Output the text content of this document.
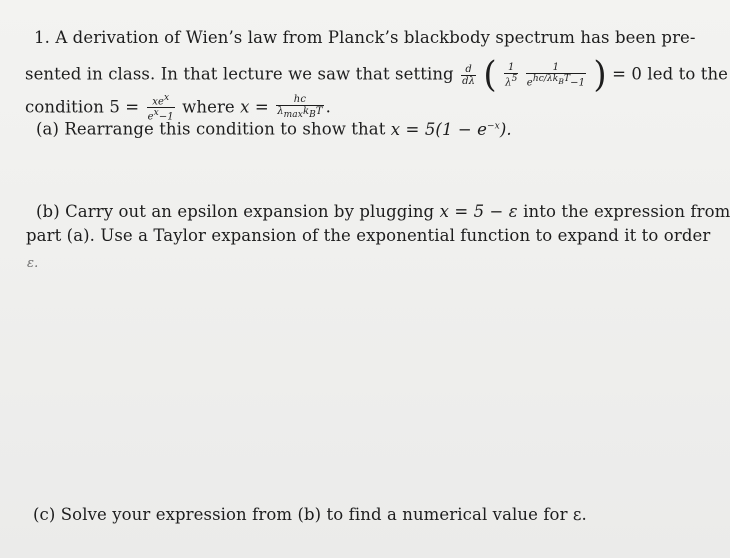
1. A derivation of Wien’s law from Planck’s blackbody spectrum has been pre-
sented in class. In that lecture we saw that setting $\frac{d}{d\lambda}$ ( $\frac{1}{\lambda^5}$
$\frac{1}{e^{hc/\lambda k_BT}-1}$ ) = 0 led to the
condition $5 = \frac{xe^x}{e^x-1}$ where $x = \frac{hc}{\lambda_{max}k_BT}$ .
(a) Rearrange this condition to show that $x = 5(1 - e^{-x})$.
(b) Carry out an epsilon expansion by plugging x = 5 − ε into the expression from
part (a). Use a Taylor expansion of the exponential function to expand it to order
ε.
(c) Solve your expression from (b) to find a numerical value for ε.
